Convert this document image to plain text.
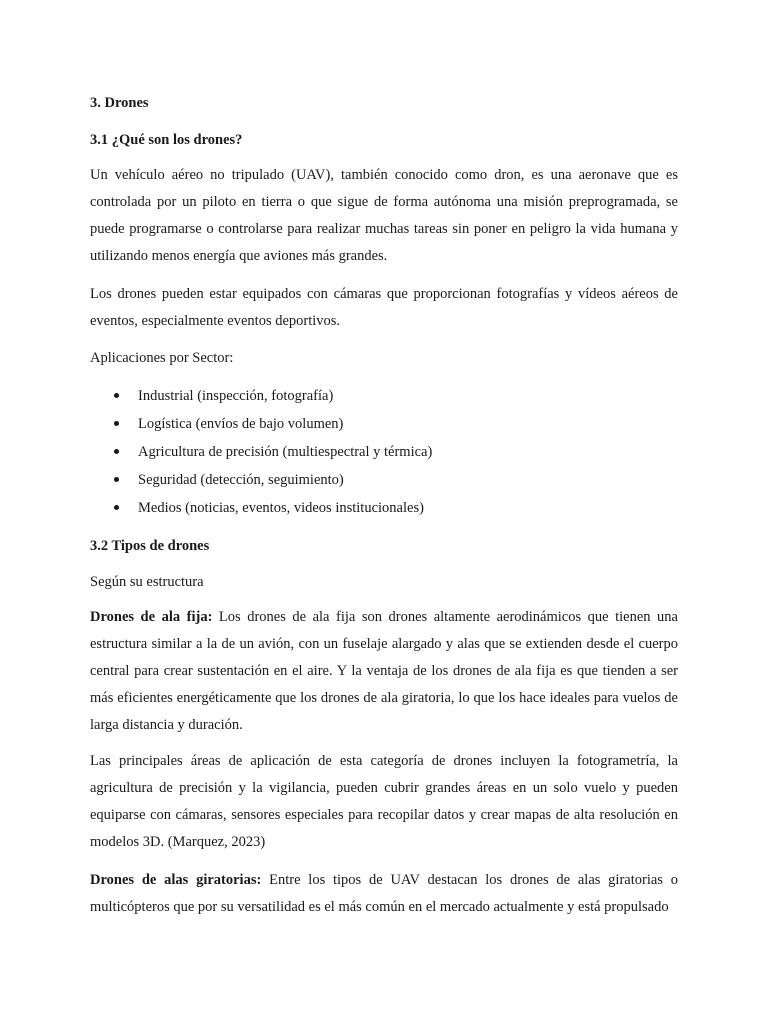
3. Drones
3.1 ¿Qué son los drones?
Un vehículo aéreo no tripulado (UAV), también conocido como dron, es una aeronave que es controlada por un piloto en tierra o que sigue de forma autónoma una misión preprogramada, se puede programarse o controlarse para realizar muchas tareas sin poner en peligro la vida humana y utilizando menos energía que aviones más grandes.
Los drones pueden estar equipados con cámaras que proporcionan fotografías y vídeos aéreos de eventos, especialmente eventos deportivos.
Aplicaciones por Sector:
Industrial (inspección, fotografía)
Logística (envíos de bajo volumen)
Agricultura de precisión (multiespectral y térmica)
Seguridad (detección, seguimiento)
Medios (noticias, eventos, videos institucionales)
3.2 Tipos de drones
Según su estructura
Drones de ala fija: Los drones de ala fija son drones altamente aerodinámicos que tienen una estructura similar a la de un avión, con un fuselaje alargado y alas que se extienden desde el cuerpo central para crear sustentación en el aire. Y la ventaja de los drones de ala fija es que tienden a ser más eficientes energéticamente que los drones de ala giratoria, lo que los hace ideales para vuelos de larga distancia y duración.
Las principales áreas de aplicación de esta categoría de drones incluyen la fotogrametría, la agricultura de precisión y la vigilancia, pueden cubrir grandes áreas en un solo vuelo y pueden equiparse con cámaras, sensores especiales para recopilar datos y crear mapas de alta resolución en modelos 3D. (Marquez, 2023)
Drones de alas giratorias: Entre los tipos de UAV destacan los drones de alas giratorias o multicópteros que por su versatilidad es el más común en el mercado actualmente y está propulsado
